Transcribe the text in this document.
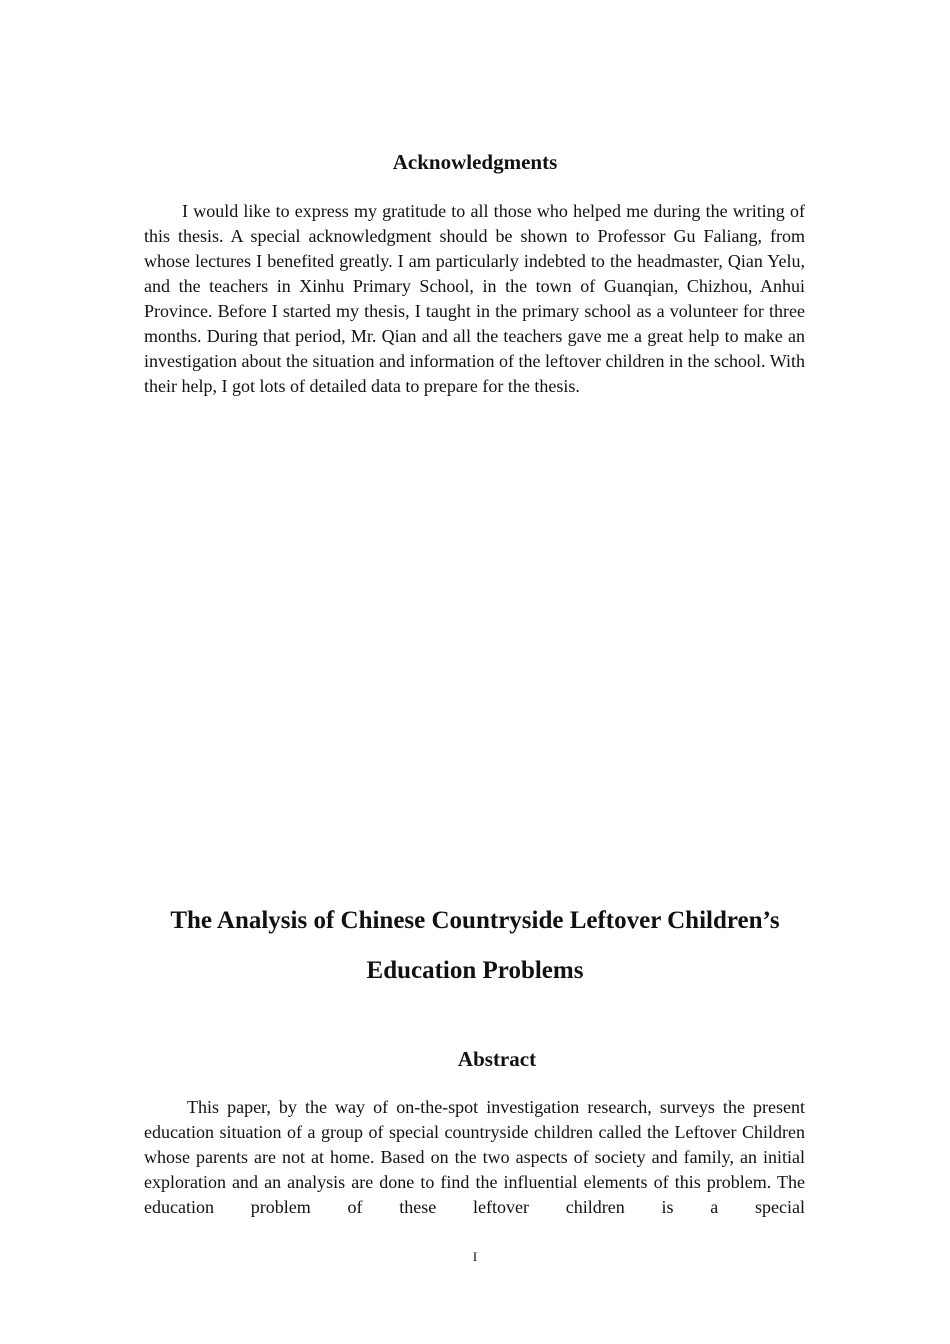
Acknowledgments

I would like to express my gratitude to all those who helped me during the writing of this thesis. A special acknowledgment should be shown to Professor Gu Faliang, from whose lectures I benefited greatly. I am particularly indebted to the headmaster, Qian Yelu, and the teachers in Xinhu Primary School, in the town of Guanqian, Chizhou, Anhui Province. Before I started my thesis, I taught in the primary school as a volunteer for three months. During that period, Mr. Qian and all the teachers gave me a great help to make an investigation about the situation and information of the leftover children in the school. With their help, I got lots of detailed data to prepare for the thesis.

The Analysis of Chinese Countryside Leftover Children’s Education Problems
Abstract

This paper, by the way of on-the-spot investigation research, surveys the present education situation of a group of special countryside children called the Leftover Children whose parents are not at home. Based on the two aspects of society and family, an initial exploration and an analysis are done to find the influential elements of this problem. The education problem of these leftover children is a special

I
